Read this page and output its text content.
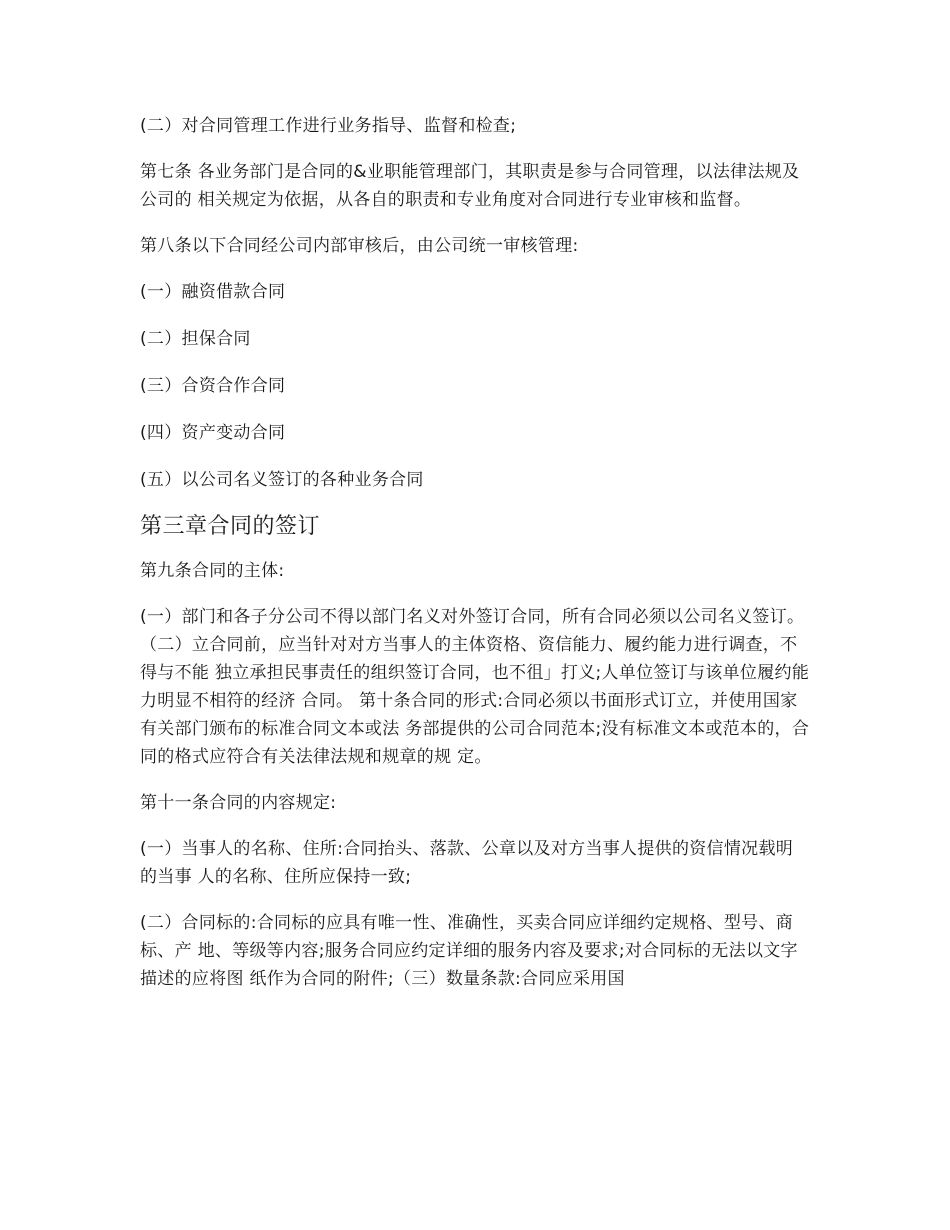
(二）对合同管理工作进行业务指导、监督和检查;

第七条 各业务部门是合同的&业职能管理部门，其职责是参与合同管理，以法律法规及公司的 相关规定为依据，从各自的职责和专业角度对合同进行专业审核和监督。

第八条以下合同经公司内部审核后，由公司统一审核管理:

(一）融资借款合同

(二）担保合同

(三）合资合作合同

(四）资产变动合同

(五）以公司名义签订的各种业务合同

第三章合同的签订

第九条合同的主体:

(一）部门和各子分公司不得以部门名义对外签订合同，所有合同必须以公司名义签订。（二）立合同前，应当针对对方当事人的主体资格、资信能力、履约能力进行调查，不得与不能 独立承担民事责任的组织签订合同，也不徂」打义;人单位签订与该单位履约能力明显不相符的经济 合同。 第十条合同的形式:合同必须以书面形式订立，并使用国家有关部门颁布的标准合同文本或法 务部提供的公司合同范本;没有标准文本或范本的，合同的格式应符合有关法律法规和规章的规 定。

第十一条合同的内容规定:

(一）当事人的名称、住所:合同抬头、落款、公章以及对方当事人提供的资信情况载明的当事 人的名称、住所应保持一致;

(二）合同标的:合同标的应具有唯一性、准确性，买卖合同应详细约定规格、型号、商标、产 地、等级等内容;服务合同应约定详细的服务内容及要求;对合同标的无法以文字描述的应将图 纸作为合同的附件;（三）数量条款:合同应采用国
